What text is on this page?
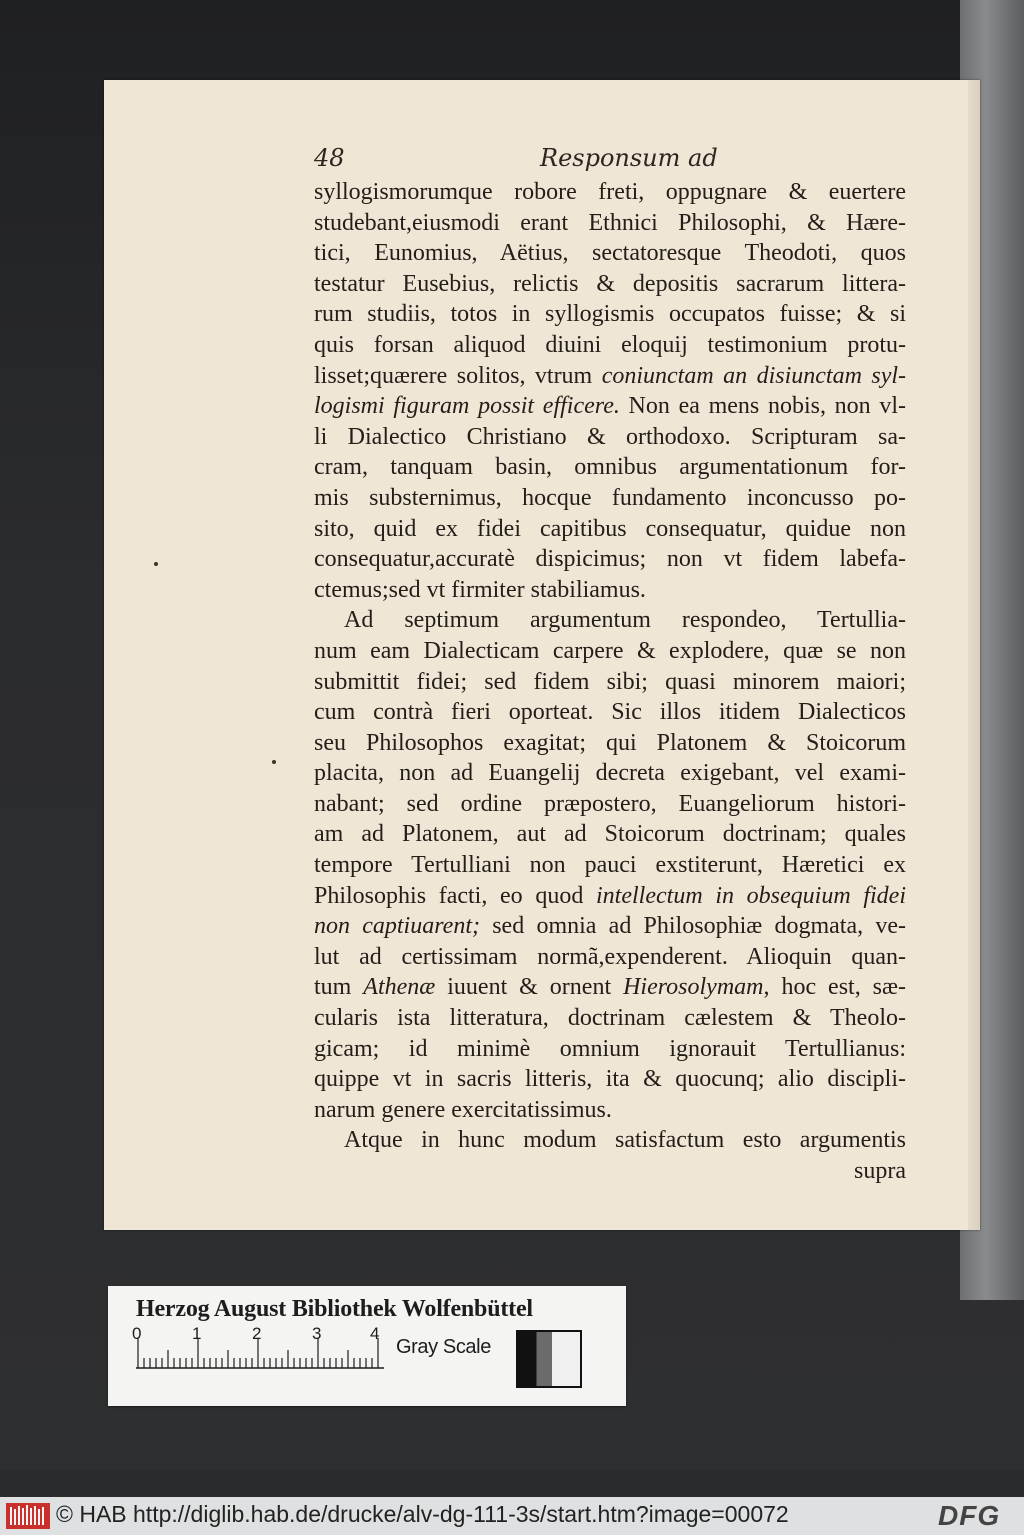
48	Responsum ad
syllogismorumque robore freti, oppugnare & euertere
studebant,eiusmodi erant Ethnici Philosophi, & Hære-
tici, Eunomius, Aëtius, sectatoresque Theodoti, quos
testatur Eusebius, relictis & depositis sacrarum littera-
rum studiis, totos in syllogismis occupatos fuisse; & si
quis forsan aliquod diuini eloquij testimonium protu-
lisset;quærere solitos, vtrum coniunctam an disiunctam syl-
logismi figuram possit efficere. Non ea mens nobis, non vl-
li Dialectico Christiano & orthodoxo. Scripturam sa-
cram, tanquam basin, omnibus argumentationum for-
mis substernimus, hocque fundamento inconcusso po-
sito, quid ex fidei capitibus consequatur, quidue non
consequatur,accuratè dispicimus; non vt fidem labefa-
ctemus;sed vt firmiter stabiliamus.
Ad septimum argumentum respondeo, Tertullia-
num eam Dialecticam carpere & explodere, quæ se non
submittit fidei; sed fidem sibi; quasi minorem maiori;
cum contrà fieri oporteat. Sic illos itidem Dialecticos
seu Philosophos exagitat; qui Platonem & Stoicorum
placita, non ad Euangelij decreta exigebant, vel exami-
nabant; sed ordine præpostero, Euangeliorum histori-
am ad Platonem, aut ad Stoicorum doctrinam; quales
tempore Tertulliani non pauci exstiterunt, Hæretici ex
Philosophis facti, eo quod intellectum in obsequium fidei
non captiuarent; sed omnia ad Philosophiæ dogmata, ve-
lut ad certissimam normã,expenderent. Alioquin quan-
tum Athenæ iuuent & ornent Hierosolymam, hoc est, sæ-
cularis ista litteratura, doctrinam cælestem & Theolo-
gicam; id minimè omnium ignorauit Tertullianus:
quippe vt in sacris litteris, ita & quocunq; alio discipli-
narum genere exercitatissimus.
Atque in hunc modum satisfactum esto argumentis
supra
Herzog August Bibliothek Wolfenbüttel
0	1	2	3	4
Gray Scale
© HAB http://diglib.hab.de/drucke/alv-dg-111-3s/start.htm?image=00072	DFG
